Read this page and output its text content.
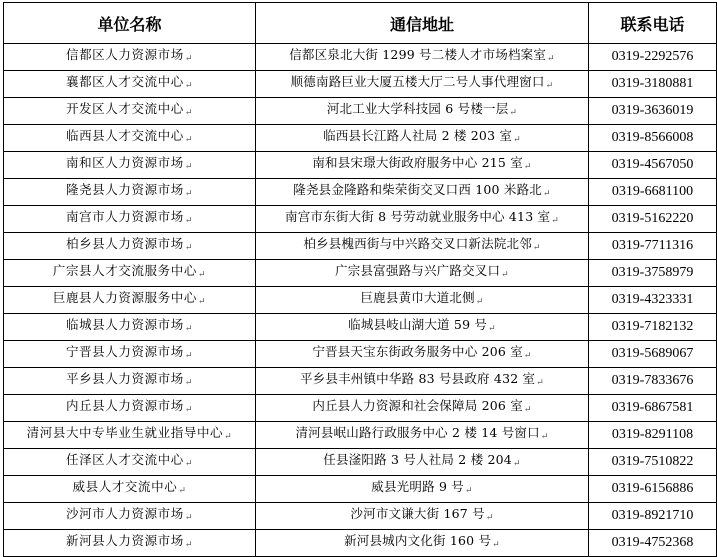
单位名称	通信地址	联系电话
信都区人力资源市场↵	信都区泉北大街 1299 号二楼人才市场档案室↵	0319-2292576
襄都区人才交流中心↵	顺德南路巨业大厦五楼大厅二号人事代理窗口↵	0319-3180881
开发区人才交流中心↵	河北工业大学科技园 6 号楼一层↵	0319-3636019
临西县人才交流中心↵	临西县长江路人社局 2 楼 203 室↵	0319-8566008
南和区人力资源市场↵	南和县宋璟大街政府服务中心 215 室↵	0319-4567050
隆尧县人力资源市场↵	隆尧县金隆路和柴荣街交叉口西 100 米路北↵	0319-6681100
南宫市人力资源市场↵	南宫市东街大街 8 号劳动就业服务中心 413 室↵	0319-5162220
柏乡县人力资源市场↵	柏乡县槐西街与中兴路交叉口新法院北邻↵	0319-7711316
广宗县人才交流服务中心↵	广宗县富强路与兴广路交叉口↵	0319-3758979
巨鹿县人力资源服务中心↵	巨鹿县黄巾大道北侧↵	0319-4323331
临城县人力资源市场↵	临城县岐山湖大道 59 号↵	0319-7182132
宁晋县人力资源市场↵	宁晋县天宝东街政务服务中心 206 室↵	0319-5689067
平乡县人力资源市场↵	平乡县丰州镇中华路 83 号县政府 432 室↵	0319-7833676
内丘县人力资源市场↵	内丘县人力资源和社会保障局 206 室↵	0319-6867581
清河县大中专毕业生就业指导中心↵	清河县岷山路行政服务中心 2 楼 14 号窗口↵	0319-8291108
任泽区人才交流中心↵	任县滏阳路 3 号人社局 2 楼 204↵	0319-7510822
威县人才交流中心↵	威县光明路 9 号↵	0319-6156886
沙河市人力资源市场↵	沙河市文谦大街 167 号↵	0319-8921710
新河县人力资源市场↵	新河县城内文化街 160 号↵	0319-4752368
